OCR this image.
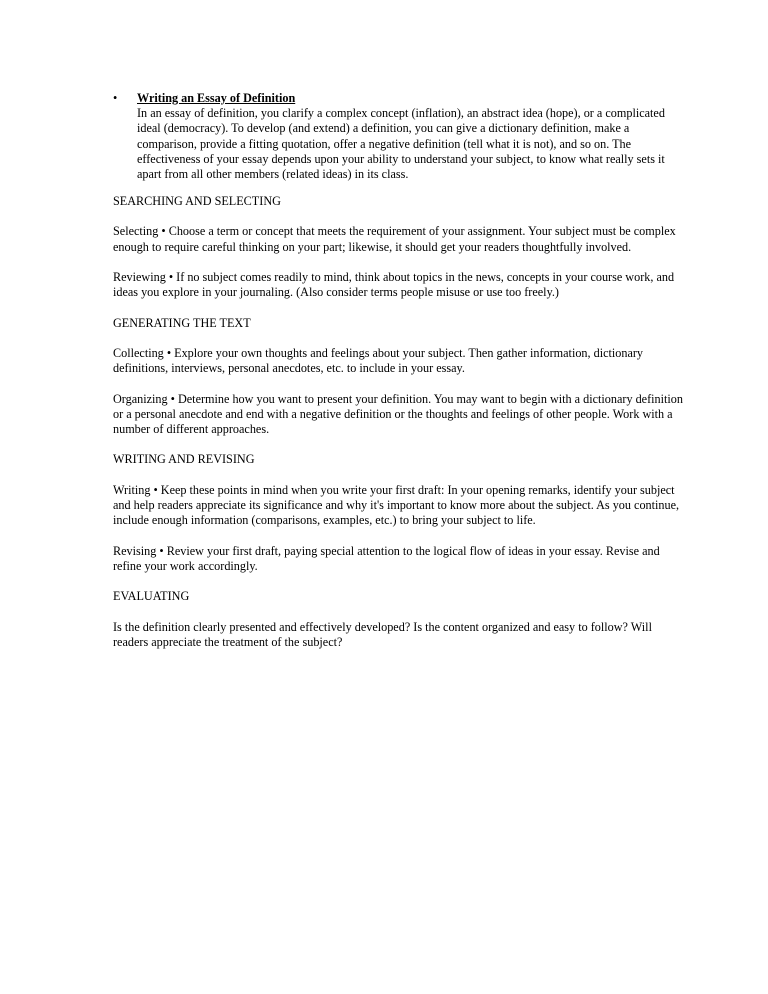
• Writing an Essay of Definition
In an essay of definition, you clarify a complex concept (inflation), an abstract idea (hope), or a complicated ideal (democracy). To develop (and extend) a definition, you can give a dictionary definition, make a comparison, provide a fitting quotation, offer a negative definition (tell what it is not), and so on. The effectiveness of your essay depends upon your ability to understand your subject, to know what really sets it apart from all other members (related ideas) in its class.

SEARCHING AND SELECTING

Selecting • Choose a term or concept that meets the requirement of your assignment. Your subject must be complex enough to require careful thinking on your part; likewise, it should get your readers thoughtfully involved.

Reviewing • If no subject comes readily to mind, think about topics in the news, concepts in your course work, and ideas you explore in your journaling. (Also consider terms people misuse or use too freely.)

GENERATING THE TEXT

Collecting • Explore your own thoughts and feelings about your subject. Then gather information, dictionary definitions, interviews, personal anecdotes, etc. to include in your essay.

Organizing • Determine how you want to present your definition. You may want to begin with a dictionary definition or a personal anecdote and end with a negative definition or the thoughts and feelings of other people. Work with a number of different approaches.

WRITING AND REVISING

Writing • Keep these points in mind when you write your first draft: In your opening remarks, identify your subject and help readers appreciate its significance and why it's important to know more about the subject. As you continue, include enough information (comparisons, examples, etc.) to bring your subject to life.

Revising • Review your first draft, paying special attention to the logical flow of ideas in your essay. Revise and refine your work accordingly.

EVALUATING

Is the definition clearly presented and effectively developed? Is the content organized and easy to follow? Will readers appreciate the treatment of the subject?
